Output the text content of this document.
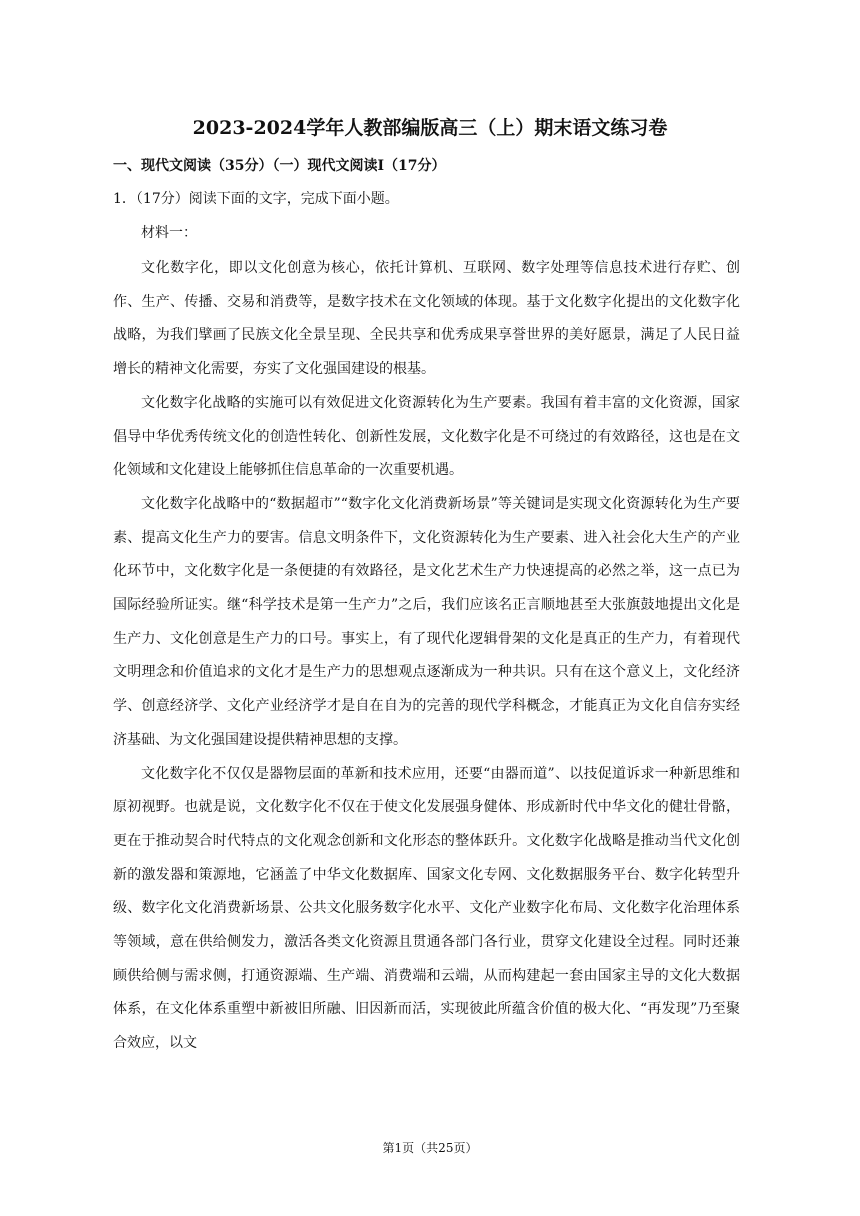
2023-2024学年人教部编版高三（上）期末语文练习卷
一、现代文阅读（35分）（一）现代文阅读I（17分）
1．（17分）阅读下面的文字，完成下面小题。
材料一：

文化数字化，即以文化创意为核心，依托计算机、互联网、数字处理等信息技术进行存贮、创作、生产、传播、交易和消费等，是数字技术在文化领域的体现。基于文化数字化提出的文化数字化战略，为我们擘画了民族文化全景呈现、全民共享和优秀成果享誉世界的美好愿景，满足了人民日益增长的精神文化需要，夯实了文化强国建设的根基。

文化数字化战略的实施可以有效促进文化资源转化为生产要素。我国有着丰富的文化资源，国家倡导中华优秀传统文化的创造性转化、创新性发展，文化数字化是不可绕过的有效路径，这也是在文化领域和文化建设上能够抓住信息革命的一次重要机遇。

文化数字化战略中的“数据超市”“数字化文化消费新场景”等关键词是实现文化资源转化为生产要素、提高文化生产力的要害。信息文明条件下，文化资源转化为生产要素、进入社会化大生产的产业化环节中，文化数字化是一条便捷的有效路径，是文化艺术生产力快速提高的必然之举，这一点已为国际经验所证实。继“科学技术是第一生产力”之后，我们应该名正言顺地甚至大张旗鼓地提出文化是生产力、文化创意是生产力的口号。事实上，有了现代化逻辑骨架的文化是真正的生产力，有着现代文明理念和价值追求的文化才是生产力的思想观点逐渐成为一种共识。只有在这个意义上，文化经济学、创意经济学、文化产业经济学才是自在自为的完善的现代学科概念，才能真正为文化自信夯实经济基础、为文化强国建设提供精神思想的支撑。

文化数字化不仅仅是器物层面的革新和技术应用，还要“由器而道”、以技促道诉求一种新思维和原初视野。也就是说，文化数字化不仅在于使文化发展强身健体、形成新时代中华文化的健壮骨骼，更在于推动契合时代特点的文化观念创新和文化形态的整体跃升。文化数字化战略是推动当代文化创新的激发器和策源地，它涵盖了中华文化数据库、国家文化专网、文化数据服务平台、数字化转型升级、数字化文化消费新场景、公共文化服务数字化水平、文化产业数字化布局、文化数字化治理体系等领域，意在供给侧发力，激活各类文化资源且贯通各部门各行业，贯穿文化建设全过程。同时还兼顾供给侧与需求侧，打通资源端、生产端、消费端和云端，从而构建起一套由国家主导的文化大数据体系，在文化体系重塑中新被旧所融、旧因新而活，实现彼此所蕴含价值的极大化、“再发现”乃至聚合效应，以文

第1页（共25页）
